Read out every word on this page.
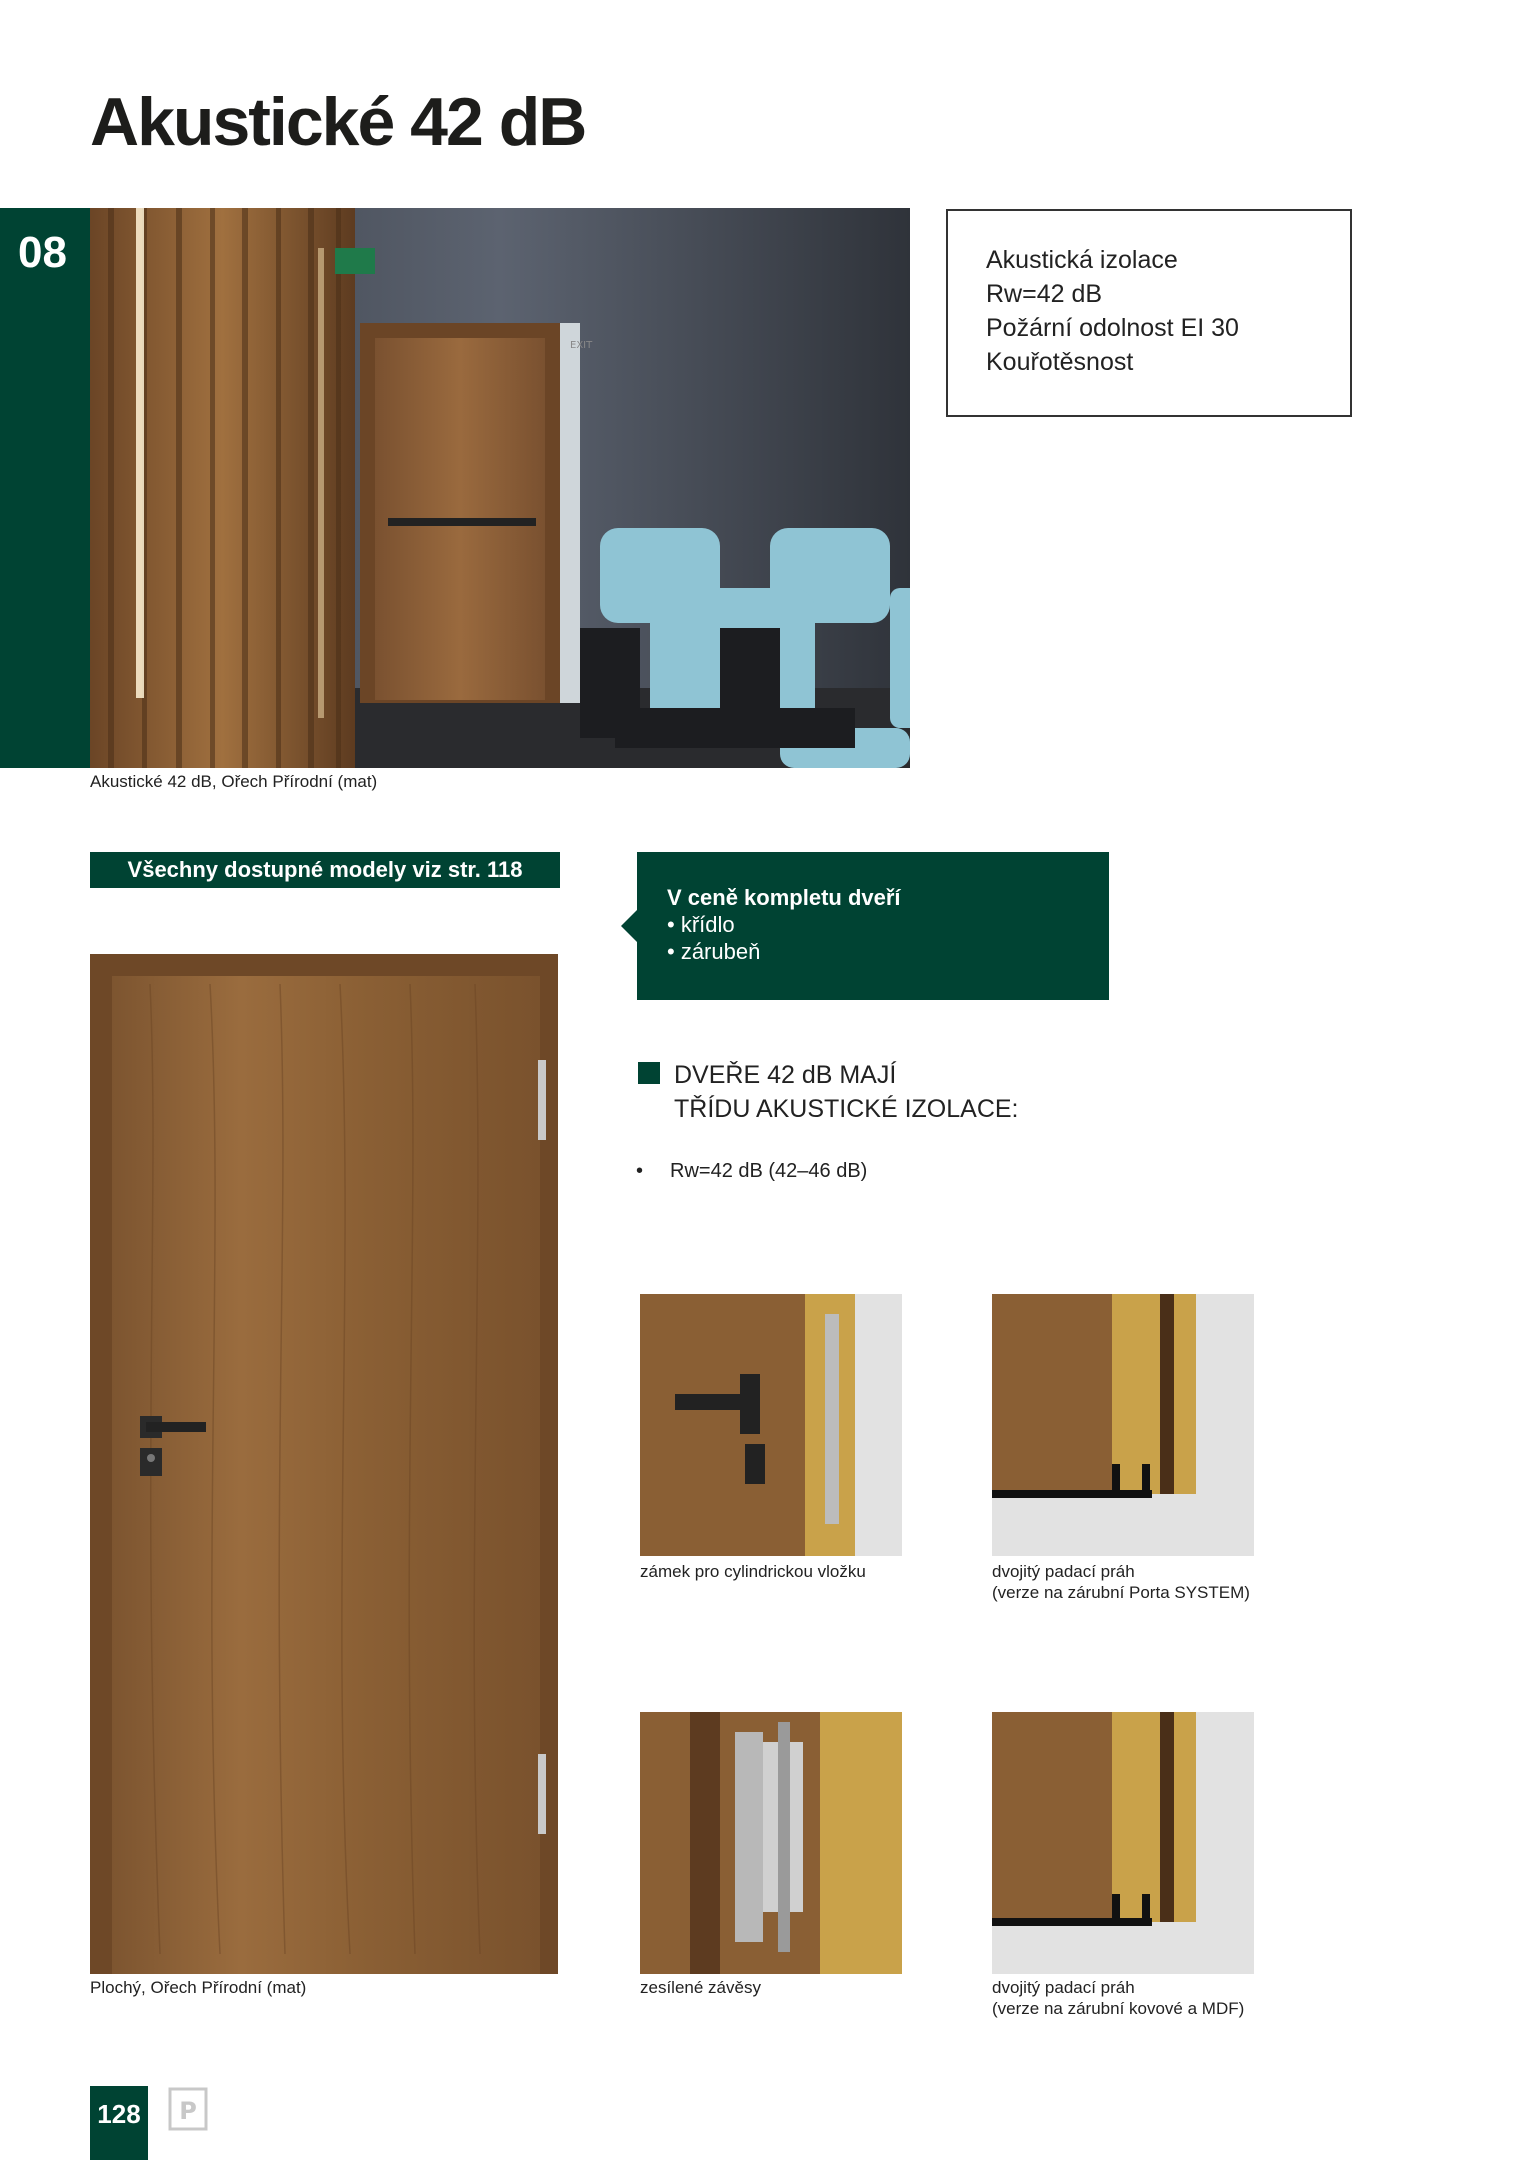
Akustické 42 dB
08
EXIT
Akustické 42 dB, Ořech Přírodní (mat)
Akustická izolace
Rw=42 dB
Požární odolnost EI 30
Kouřotěsnost
Všechny dostupné modely viz str. 118
V ceně kompletu dveří
• křídlo
• zárubeň
Plochý, Ořech Přírodní (mat)
DVEŘE 42 dB MAJÍ
TŘÍDU AKUSTICKÉ IZOLACE:
• Rw=42 dB (42–46 dB)
zámek pro cylindrickou vložku	dvojitý padací práh
(verze na zárubní Porta SYSTEM)
zesílené závěsy	dvojitý padací práh
(verze na zárubní kovové a MDF)
128	P
